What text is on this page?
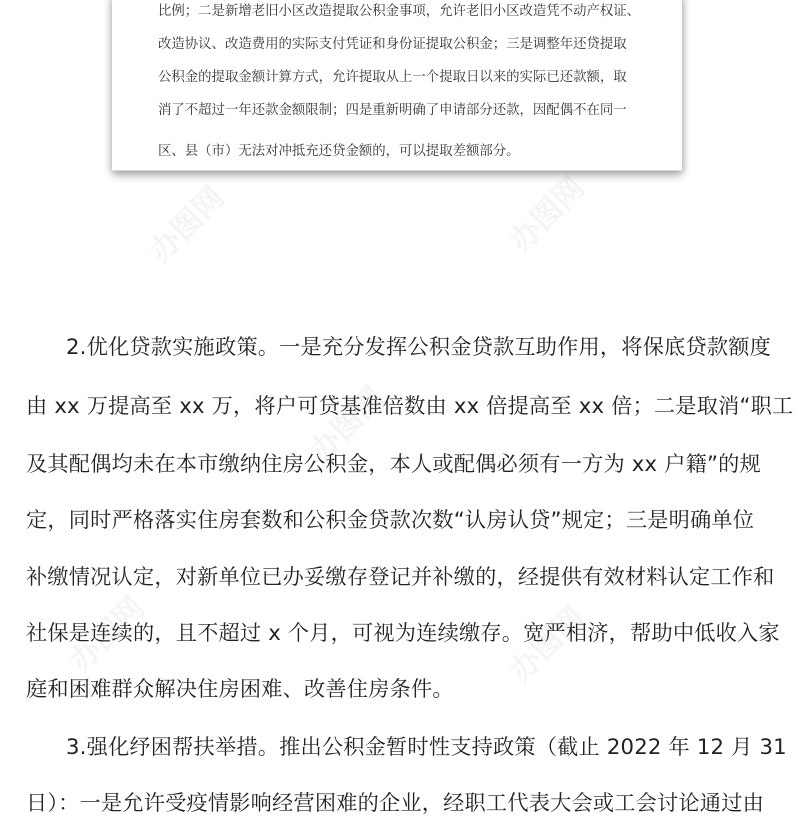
办图网	办图网
办图网
办图网	办图网

比例；二是新增老旧小区改造提取公积金事项，允许老旧小区改造凭不动产权证、

改造协议、改造费用的实际支付凭证和身份证提取公积金；三是调整年还贷提取

公积金的提取金额计算方式，允许提取从上一个提取日以来的实际已还款额，取

消了不超过一年还款金额限制；四是重新明确了申请部分还款，因配偶不在同一

区、县（市）无法对冲抵充还贷金额的，可以提取差额部分。

2.优化贷款实施政策。一是充分发挥公积金贷款互助作用，将保底贷款额度

由 xx 万提高至 xx 万，将户可贷基准倍数由 xx 倍提高至 xx 倍；二是取消“职工

及其配偶均未在本市缴纳住房公积金，本人或配偶必须有一方为 xx 户籍”的规

定，同时严格落实住房套数和公积金贷款次数“认房认贷”规定；三是明确单位

补缴情况认定，对新单位已办妥缴存登记并补缴的，经提供有效材料认定工作和

社保是连续的，且不超过 x 个月，可视为连续缴存。宽严相济，帮助中低收入家

庭和困难群众解决住房困难、改善住房条件。

3.强化纾困帮扶举措。推出公积金暂时性支持政策（截止 2022 年 12 月 31

日）：一是允许受疫情影响经营困难的企业，经职工代表大会或工会讨论通过由
